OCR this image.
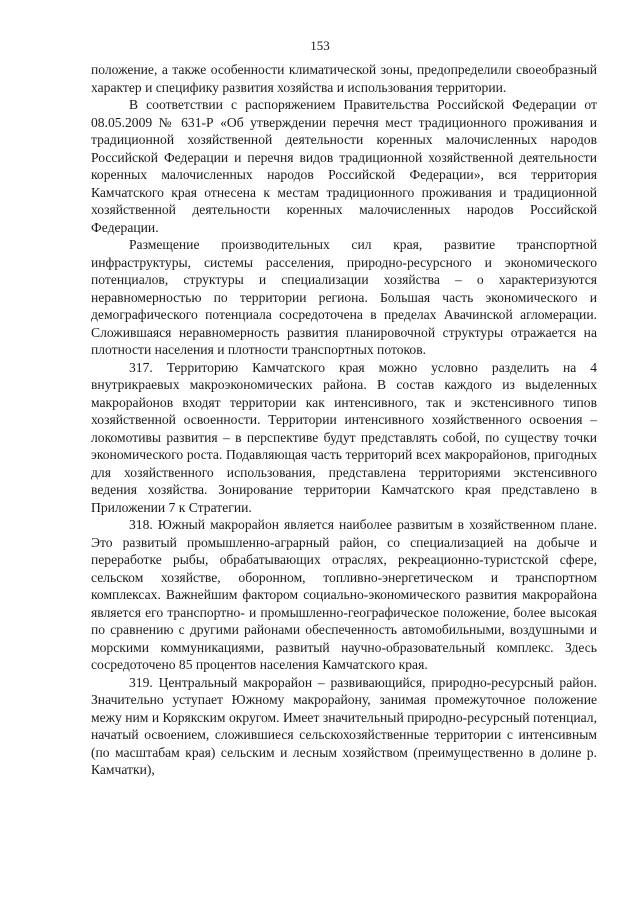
153

положение, а также особенности климатической зоны, предопределили своеобразный характер и специфику развития хозяйства и использования территории.

В соответствии с распоряжением Правительства Российской Федерации от 08.05.2009 № 631-Р «Об утверждении перечня мест традиционного проживания и традиционной хозяйственной деятельности коренных малочисленных народов Российской Федерации и перечня видов традиционной хозяйственной деятельности коренных малочисленных народов Российской Федерации», вся территория Камчатского края отнесена к местам традиционного проживания и традиционной хозяйственной деятельности коренных малочисленных народов Российской Федерации.

Размещение производительных сил края, развитие транспортной инфраструктуры, системы расселения, природно-ресурсного и экономического потенциалов, структуры и специализации хозяйства – о характеризуются неравномерностью по территории региона. Большая часть экономического и демографического потенциала сосредоточена в пределах Авачинской агломерации. Сложившаяся неравномерность развития планировочной структуры отражается на плотности населения и плотности транспортных потоков.

317. Территорию Камчатского края можно условно разделить на 4 внутрикраевых макроэкономических района. В состав каждого из выделенных макрорайонов входят территории как интенсивного, так и экстенсивного типов хозяйственной освоенности. Территории интенсивного хозяйственного освоения – локомотивы развития – в перспективе будут представлять собой, по существу точки экономического роста. Подавляющая часть территорий всех макрорайонов, пригодных для хозяйственного использования, представлена территориями экстенсивного ведения хозяйства. Зонирование территории Камчатского края представлено в Приложении 7 к Стратегии.

318. Южный макрорайон является наиболее развитым в хозяйственном плане. Это развитый промышленно-аграрный район, со специализацией на добыче и переработке рыбы, обрабатывающих отраслях, рекреационно-туристской сфере, сельском хозяйстве, оборонном, топливно-энергетическом и транспортном комплексах. Важнейшим фактором социально-экономического развития макрорайона является его транспортно- и промышленно-географическое положение, более высокая по сравнению с другими районами обеспеченность автомобильными, воздушными и морскими коммуникациями, развитый научно-образовательный комплекс. Здесь сосредоточено 85 процентов населения Камчатского края.

319. Центральный макрорайон – развивающийся, природно-ресурсный район. Значительно уступает Южному макрорайону, занимая промежуточное положение межу ним и Корякским округом. Имеет значительный природно-ресурсный потенциал, начатый освоением, сложившиеся сельскохозяйственные территории с интенсивным (по масштабам края) сельским и лесным хозяйством (преимущественно в долине р. Камчатки),
